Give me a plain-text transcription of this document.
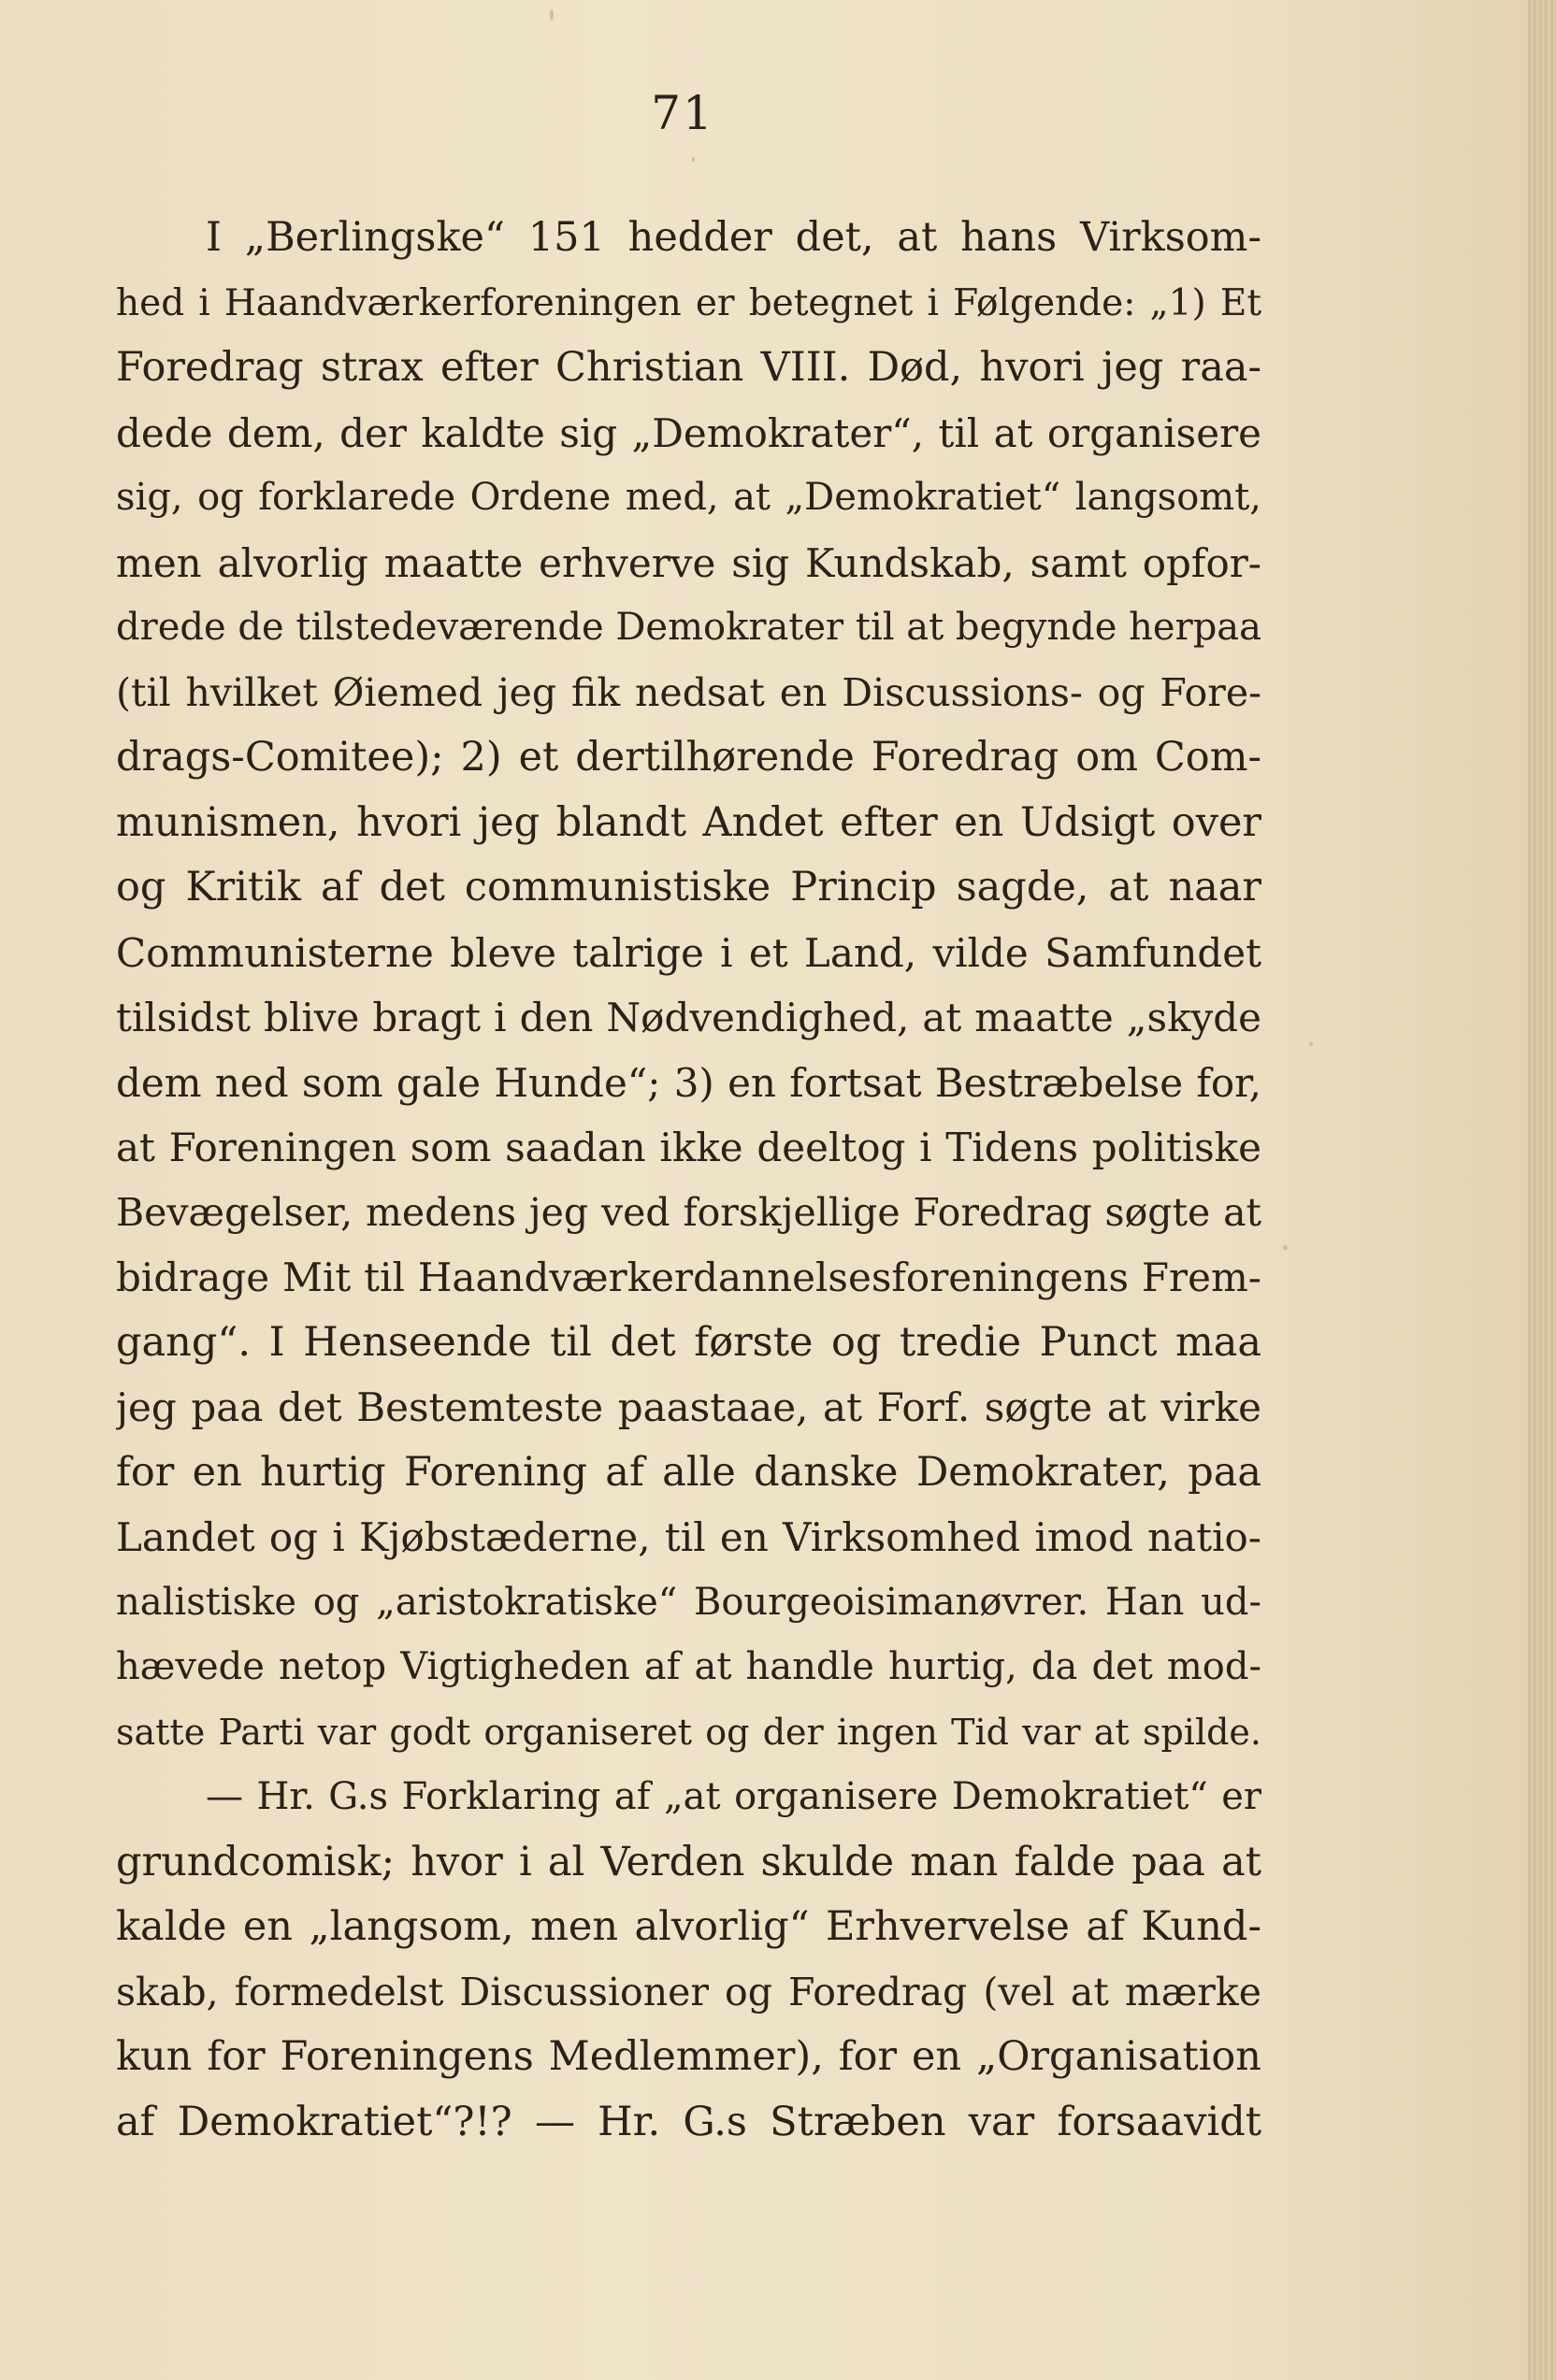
71
I „Berlingske“ 151 hedder det, at hans Virksom-
hed i Haandværkerforeningen er betegnet i Følgende: „1) Et
Foredrag strax efter Christian VIII. Død, hvori jeg raa-
dede dem, der kaldte sig „Demokrater“, til at organisere
sig, og forklarede Ordene med, at „Demokratiet“ langsomt,
men alvorlig maatte erhverve sig Kundskab, samt opfor-
drede de tilstedeværende Demokrater til at begynde herpaa
(til hvilket Øiemed jeg fik nedsat en Discussions- og Fore-
drags-Comitee); 2) et dertilhørende Foredrag om Com-
munismen, hvori jeg blandt Andet efter en Udsigt over
og Kritik af det communistiske Princip sagde, at naar
Communisterne bleve talrige i et Land, vilde Samfundet
tilsidst blive bragt i den Nødvendighed, at maatte „skyde
dem ned som gale Hunde“; 3) en fortsat Bestræbelse for,
at Foreningen som saadan ikke deeltog i Tidens politiske
Bevægelser, medens jeg ved forskjellige Foredrag søgte at
bidrage Mit til Haandværkerdannelsesforeningens Frem-
gang“. I Henseende til det første og tredie Punct maa
jeg paa det Bestemteste paastaae, at Forf. søgte at virke
for en hurtig Forening af alle danske Demokrater, paa
Landet og i Kjøbstæderne, til en Virksomhed imod natio-
nalistiske og „aristokratiske“ Bourgeoisimanøvrer. Han ud-
hævede netop Vigtigheden af at handle hurtig, da det mod-
satte Parti var godt organiseret og der ingen Tid var at spilde.
— Hr. G.s Forklaring af „at organisere Demokratiet“ er
grundcomisk; hvor i al Verden skulde man falde paa at
kalde en „langsom, men alvorlig“ Erhvervelse af Kund-
skab, formedelst Discussioner og Foredrag (vel at mærke
kun for Foreningens Medlemmer), for en „Organisation
af Demokratiet“?!? — Hr. G.s Stræben var forsaavidt
